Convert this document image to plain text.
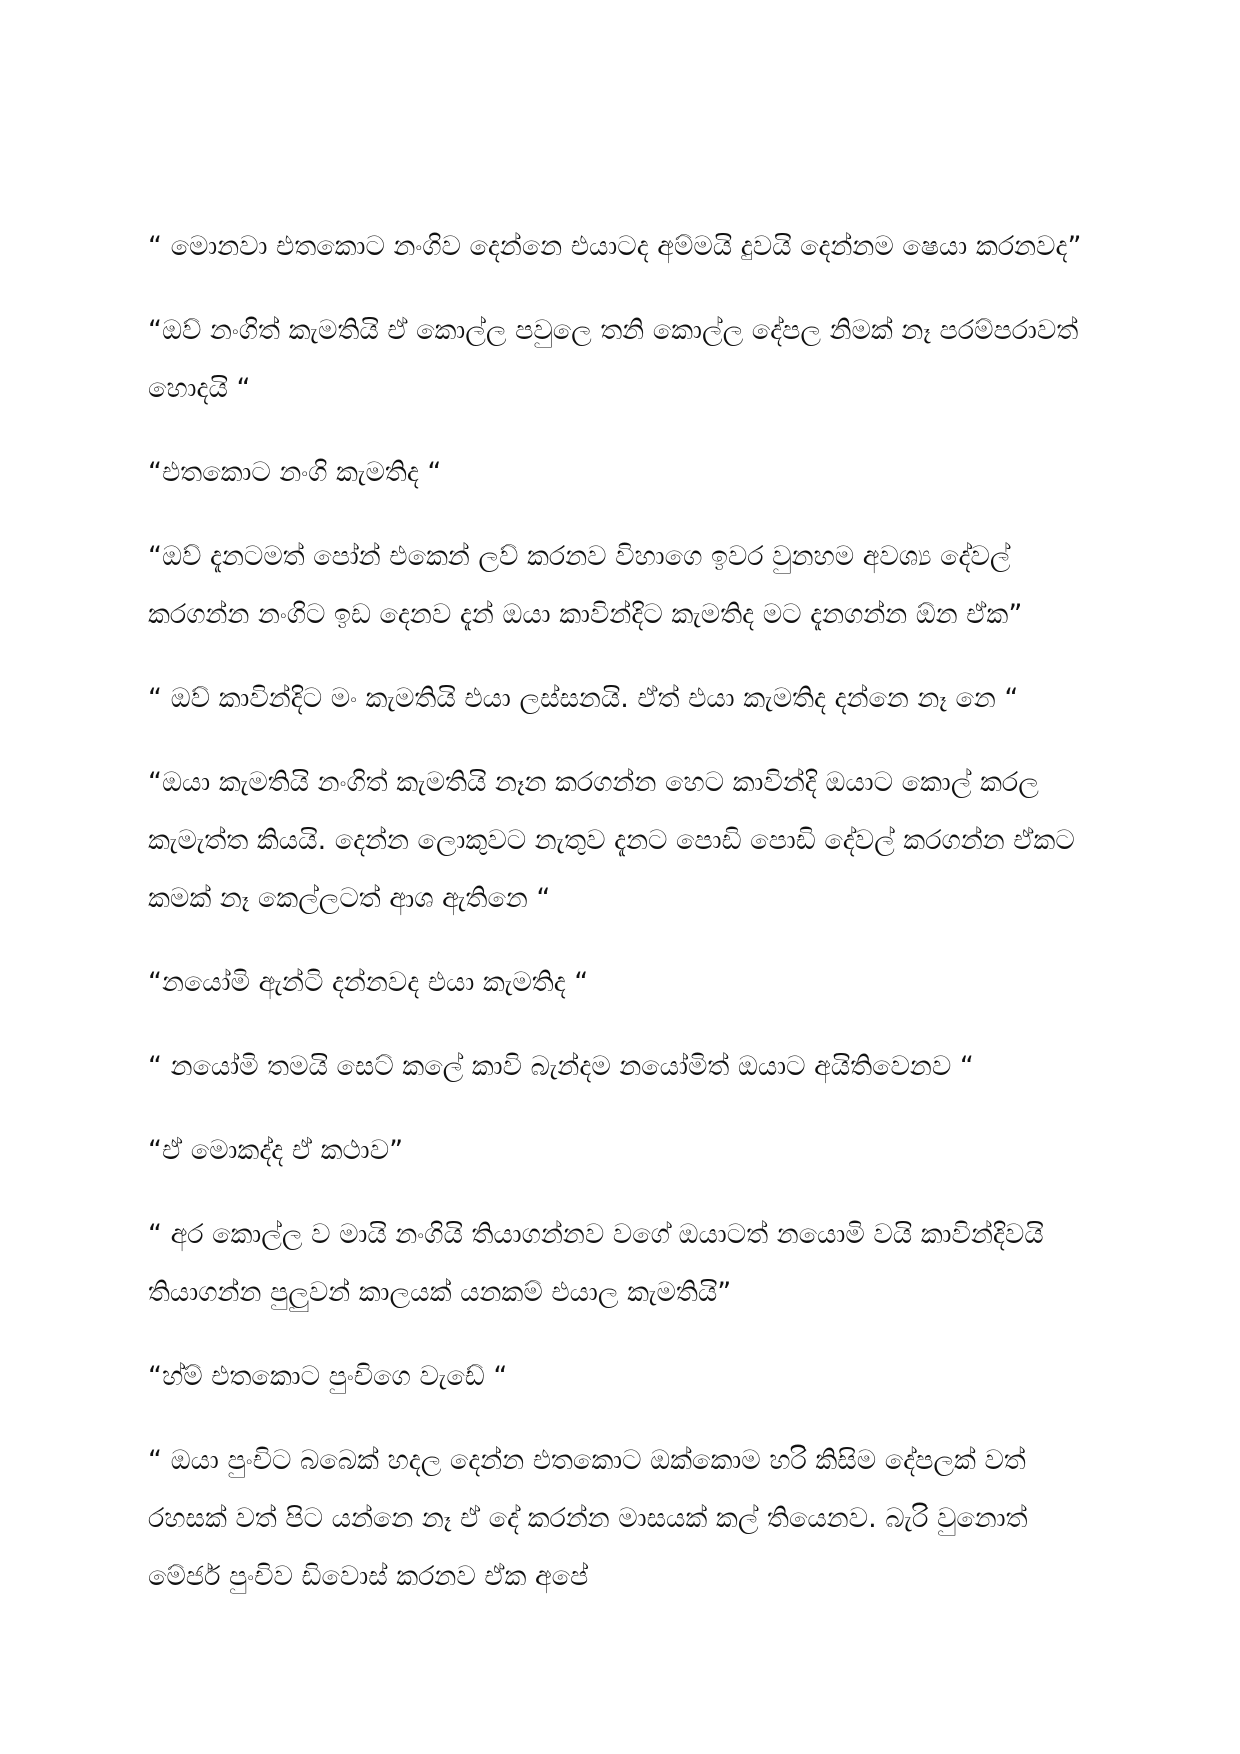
“ මොනවා එතකොට නංගිව දෙන්නෙ එයාටද අම්මයි දුවයි දෙන්නම ෂෙයා කරනවද”

“ඔව් නංගිත් කැමතියි ඒ කොල්ල පවුලෙ තනි කොල්ල දේපල නිමක් නෑ පරම්පරාවත් හොදයි “

“එතකොට නංගි කැමතිද “

“ඔව් දැනටමත් පෝන් එකෙන් ලව් කරනව විහාගෙ ඉවර වුනහම අවශ්‍ය දේවල් කරගන්න නංගිට ඉඩ දෙනව දැන් ඔයා කාවින්දිට කැමතිද මට දැනගන්න ඕන ඒක”

“ ඔව් කාවින්දිට මං කැමතියි එයා ලස්සනයි. ඒත් එයා කැමතිද දන්නෙ නෑ නෙ “

“ඔයා කැමතියි නංගිත් කැමතියි නෑන කරගන්න හෙට කාවින්දි ඔයාට කොල් කරල කැමැත්ත කියයි. දෙන්න ලොකුවට නැතුව දැනට පොඩි පොඩි දේවල් කරගන්න ඒකට කමක් නෑ කෙල්ලටත් ආශ ඇතිනෙ “

“නයෝමි ඇන්ටි දන්නවද එයා කැමතිද “

“ නයෝමි තමයි සෙට් කලේ කාවි බැන්දම නයෝමිත් ඔයාට අයිතිවෙනව “

“ඒ මොකද්ද ඒ කථාව”

“ අර කොල්ල ව මායි නංගියි තියාගන්නව වගේ ඔයාටත් නයොමි වයි කාවින්දිවයි තියාගන්න පුලුවන් කාලයක් යනකම් එයාල කැමතියි”

“හ්ම් එතකොට පුංචිගෙ වැඩේ “

“ ඔයා පුංචිට බබෙක් හදල දෙන්න එතකොට ඔක්කොම හරි කිසිම දේපලක් වත් රහසක් වත් පිට යන්නෙ නෑ ඒ දේ කරන්න මාසයක් කල් තියෙනව. බැරි වුනොත් මේජර් පුංචිව ඩිවොස් කරනව ඒක අපේ
